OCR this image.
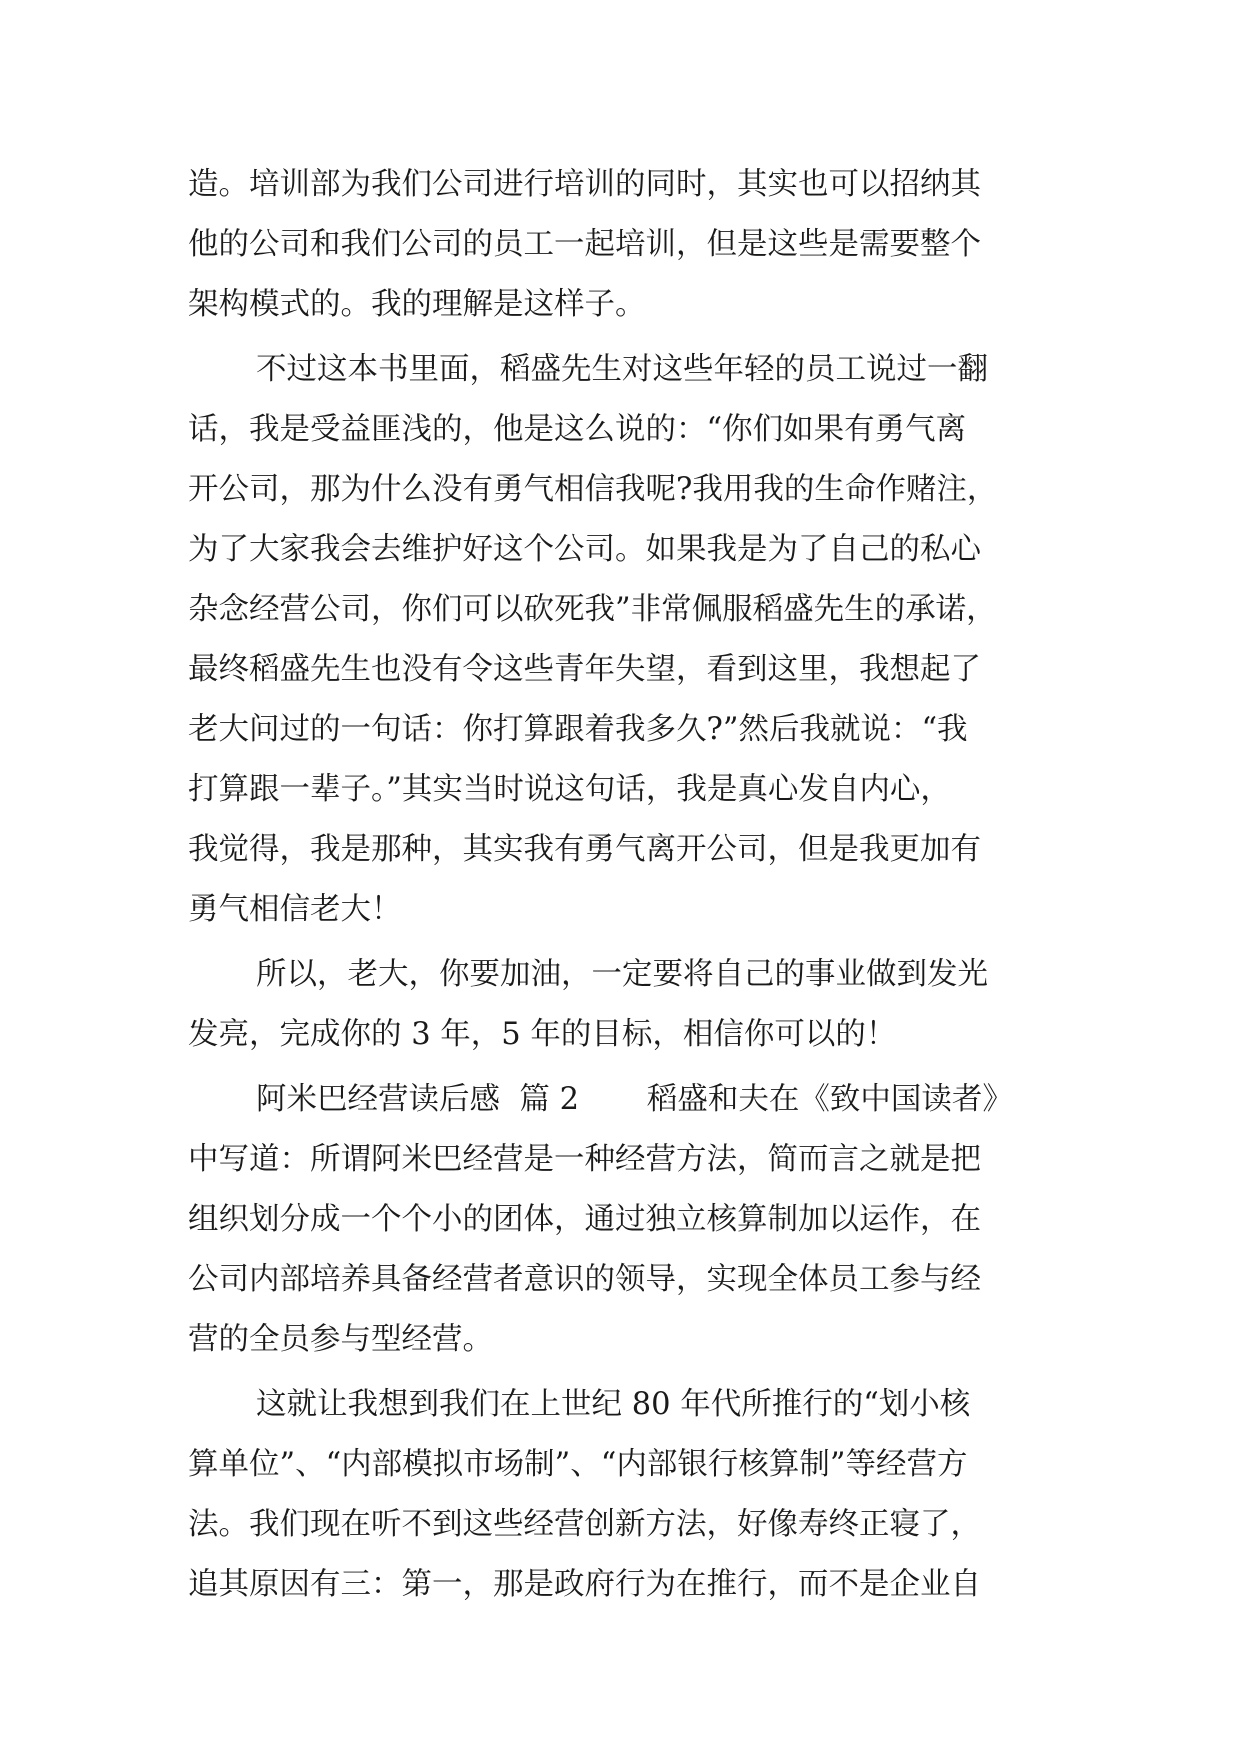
造。培训部为我们公司进行培训的同时，其实也可以招纳其
他的公司和我们公司的员工一起培训，但是这些是需要整个
架构模式的。我的理解是这样子。
不过这本书里面，稻盛先生对这些年轻的员工说过一翻
话，我是受益匪浅的，他是这么说的：“你们如果有勇气离
开公司，那为什么没有勇气相信我呢?我用我的生命作赌注，
为了大家我会去维护好这个公司。如果我是为了自己的私心
杂念经营公司，你们可以砍死我”非常佩服稻盛先生的承诺，
最终稻盛先生也没有令这些青年失望，看到这里，我想起了
老大问过的一句话：你打算跟着我多久?”然后我就说：“我
打算跟一辈子。”其实当时说这句话，我是真心发自内心，
我觉得，我是那种，其实我有勇气离开公司，但是我更加有
勇气相信老大！
所以，老大，你要加油，一定要将自己的事业做到发光
发亮，完成你的 3 年，5 年的目标，相信你可以的！
阿米巴经营读后感  篇 2       稻盛和夫在《致中国读者》
中写道：所谓阿米巴经营是一种经营方法，简而言之就是把
组织划分成一个个小的团体，通过独立核算制加以运作，在
公司内部培养具备经营者意识的领导，实现全体员工参与经
营的全员参与型经营。
这就让我想到我们在上世纪 80 年代所推行的“划小核
算单位”、“内部模拟市场制”、“内部银行核算制”等经营方
法。我们现在听不到这些经营创新方法，好像寿终正寝了，
追其原因有三：第一，那是政府行为在推行，而不是企业自
